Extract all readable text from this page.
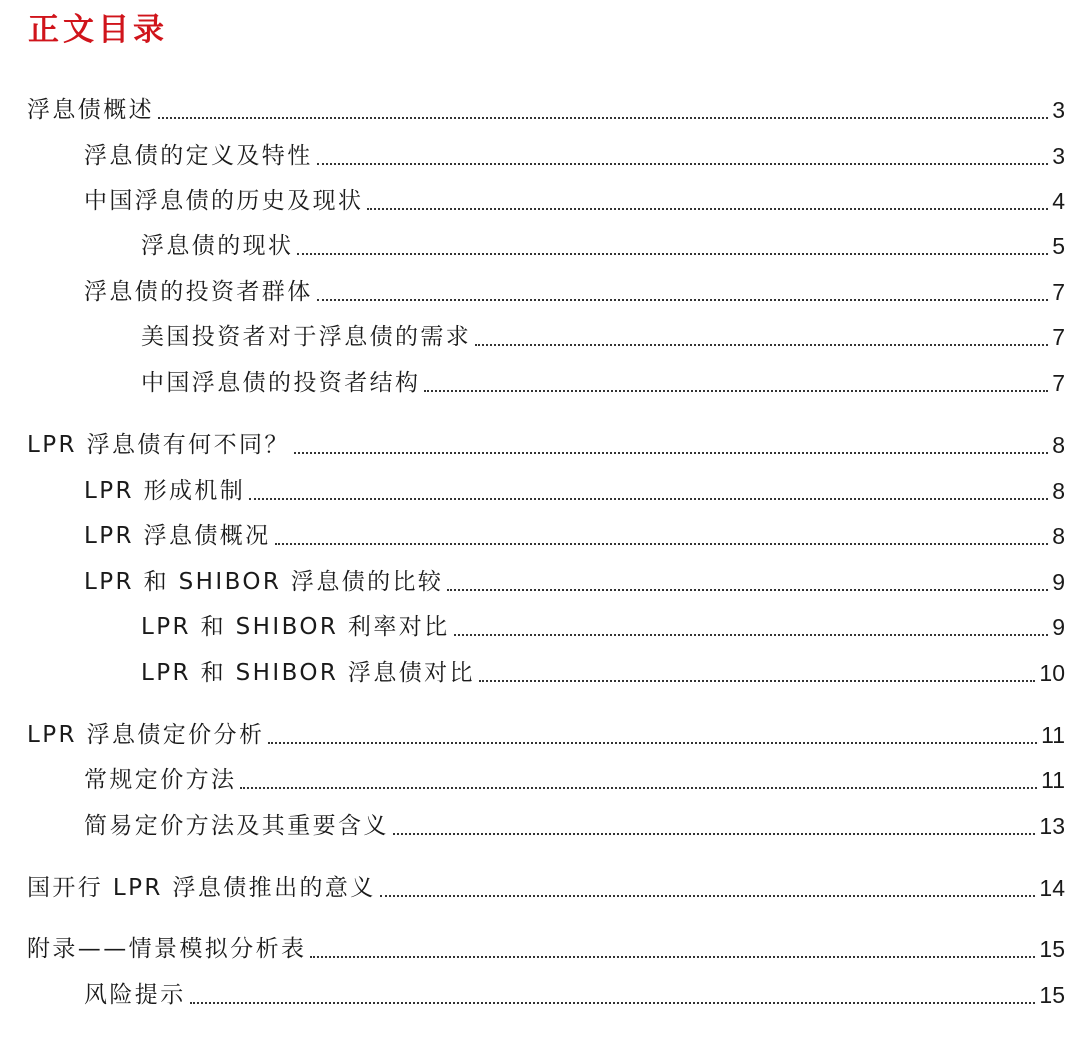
正文目录
浮息债概述	3
浮息债的定义及特性	3
中国浮息债的历史及现状	4
浮息债的现状	5
浮息债的投资者群体	7
美国投资者对于浮息债的需求	7
中国浮息债的投资者结构	7
LPR 浮息债有何不同？	8
LPR 形成机制	8
LPR 浮息债概况	8
LPR 和 SHIBOR 浮息债的比较	9
LPR 和 SHIBOR 利率对比	9
LPR 和 SHIBOR 浮息债对比	10
LPR 浮息债定价分析	11
常规定价方法	11
简易定价方法及其重要含义	13
国开行 LPR 浮息债推出的意义	14
附录——情景模拟分析表	15
风险提示	15
